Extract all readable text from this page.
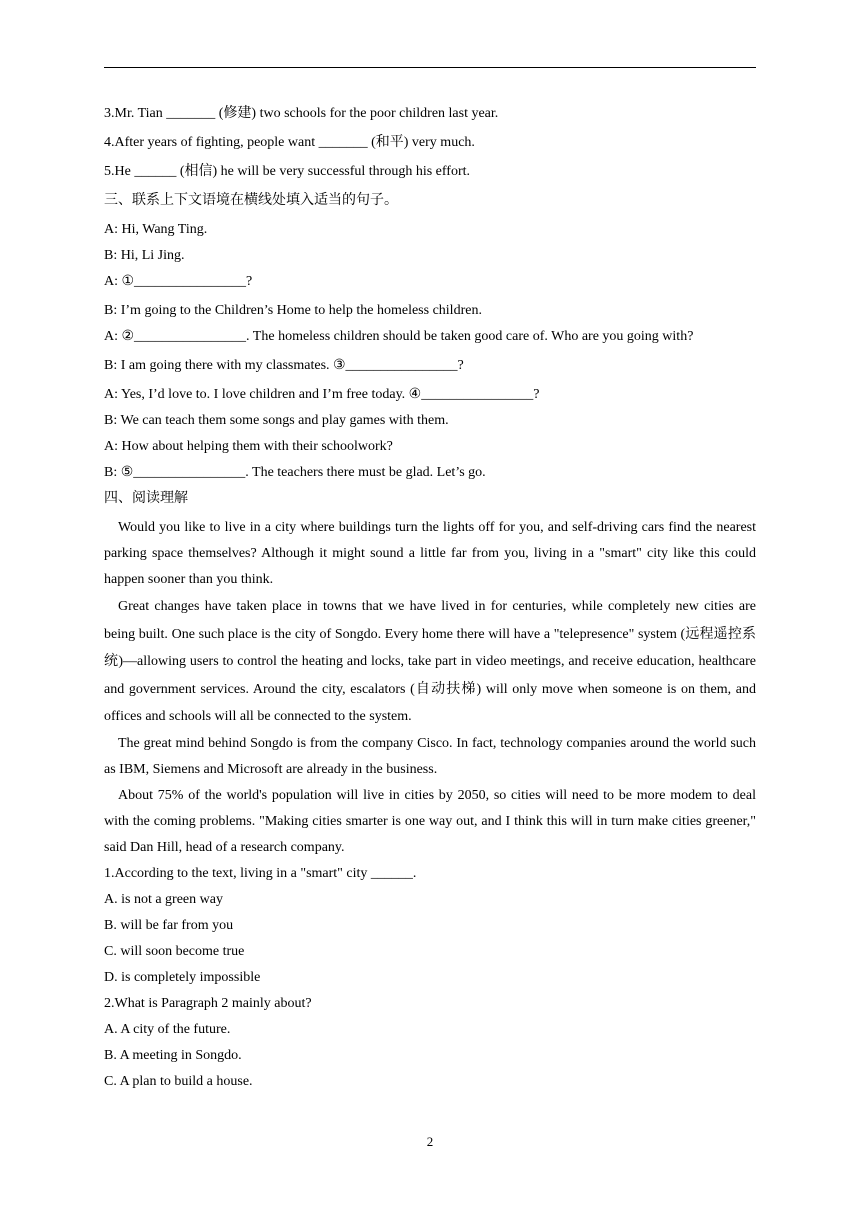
3.Mr. Tian _______ (修建) two schools for the poor children last year.
4.After years of fighting, people want _______ (和平) very much.
5.He ______ (相信) he will be very successful through his effort.
三、联系上下文语境在横线处填入适当的句子。
A: Hi, Wang Ting.
B: Hi, Li Jing.
A: ①________________?
B: I’m going to the Children’s Home to help the homeless children.
A: ②________________. The homeless children should be taken good care of. Who are you going with?
B: I am going there with my classmates. ③________________?
A: Yes, I’d love to. I love children and I’m free today. ④________________?
B: We can teach them some songs and play games with them.
A: How about helping them with their schoolwork?
B: ⑤________________. The teachers there must be glad. Let’s go.
四、阅读理解
Would you like to live in a city where buildings turn the lights off for you, and self-driving cars find the nearest parking space themselves? Although it might sound a little far from you, living in a "smart" city like this could happen sooner than you think.
Great changes have taken place in towns that we have lived in for centuries, while completely new cities are being built. One such place is the city of Songdo. Every home there will have a "telepresence" system (远程遥控系统)—allowing users to control the heating and locks, take part in video meetings, and receive education, healthcare and government services. Around the city, escalators (自动扶梯) will only move when someone is on them, and offices and schools will all be connected to the system.
The great mind behind Songdo is from the company Cisco. In fact, technology companies around the world such as IBM, Siemens and Microsoft are already in the business.
About 75% of the world's population will live in cities by 2050, so cities will need to be more modem to deal with the coming problems. "Making cities smarter is one way out, and I think this will in turn make cities greener," said Dan Hill, head of a research company.
1.According to the text, living in a "smart" city ______.
A. is not a green way
B. will be far from you
C. will soon become true
D. is completely impossible
2.What is Paragraph 2 mainly about?
A. A city of the future.
B. A meeting in Songdo.
C. A plan to build a house.
2
